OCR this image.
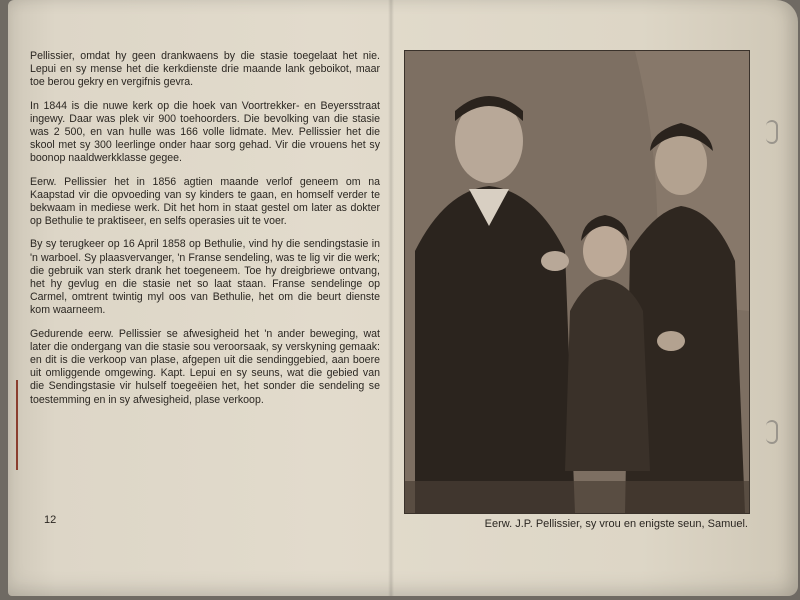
Pellissier, omdat hy geen drankwaens by die stasie toegelaat het nie. Lepui en sy mense het die kerkdienste drie maande lank geboikot, maar toe berou gekry en vergifnis gevra.

In 1844 is die nuwe kerk op die hoek van Voortrekker- en Beyersstraat ingewy. Daar was plek vir 900 toehoorders. Die bevolking van die stasie was 2 500, en van hulle was 166 volle lidmate. Mev. Pellissier het die skool met sy 300 leerlinge onder haar sorg gehad. Vir die vrouens het sy boonop naaldwerkklasse gegee.

Eerw. Pellissier het in 1856 agtien maande verlof geneem om na Kaapstad vir die opvoeding van sy kinders te gaan, en homself verder te bekwaam in mediese werk. Dit het hom in staat gestel om later as dokter op Bethulie te praktiseer, en selfs operasies uit te voer.

By sy terugkeer op 16 April 1858 op Bethulie, vind hy die sendingstasie in 'n warboel. Sy plaasvervanger, 'n Franse sendeling, was te lig vir die werk; die gebruik van sterk drank het toegeneem. Toe hy dreigbriewe ontvang, het hy gevlug en die stasie net so laat staan. Franse sendelinge op Carmel, omtrent twintig myl oos van Bethulie, het om die beurt dienste kom waarneem.

Gedurende eerw. Pellissier se afwesigheid het 'n ander beweging, wat later die ondergang van die stasie sou veroorsaak, sy verskyning gemaak: en dit is die verkoop van plase, afgepen uit die sendinggebied, aan boere uit omliggende omgewing. Kapt. Lepui en sy seuns, wat die gebied van die Sendingstasie vir hulself toegeëien het, het sonder die sendeling se toestemming en in sy afwesigheid, plase verkoop.

12	Eerw. J.P. Pellissier, sy vrou en enigste seun, Samuel.
